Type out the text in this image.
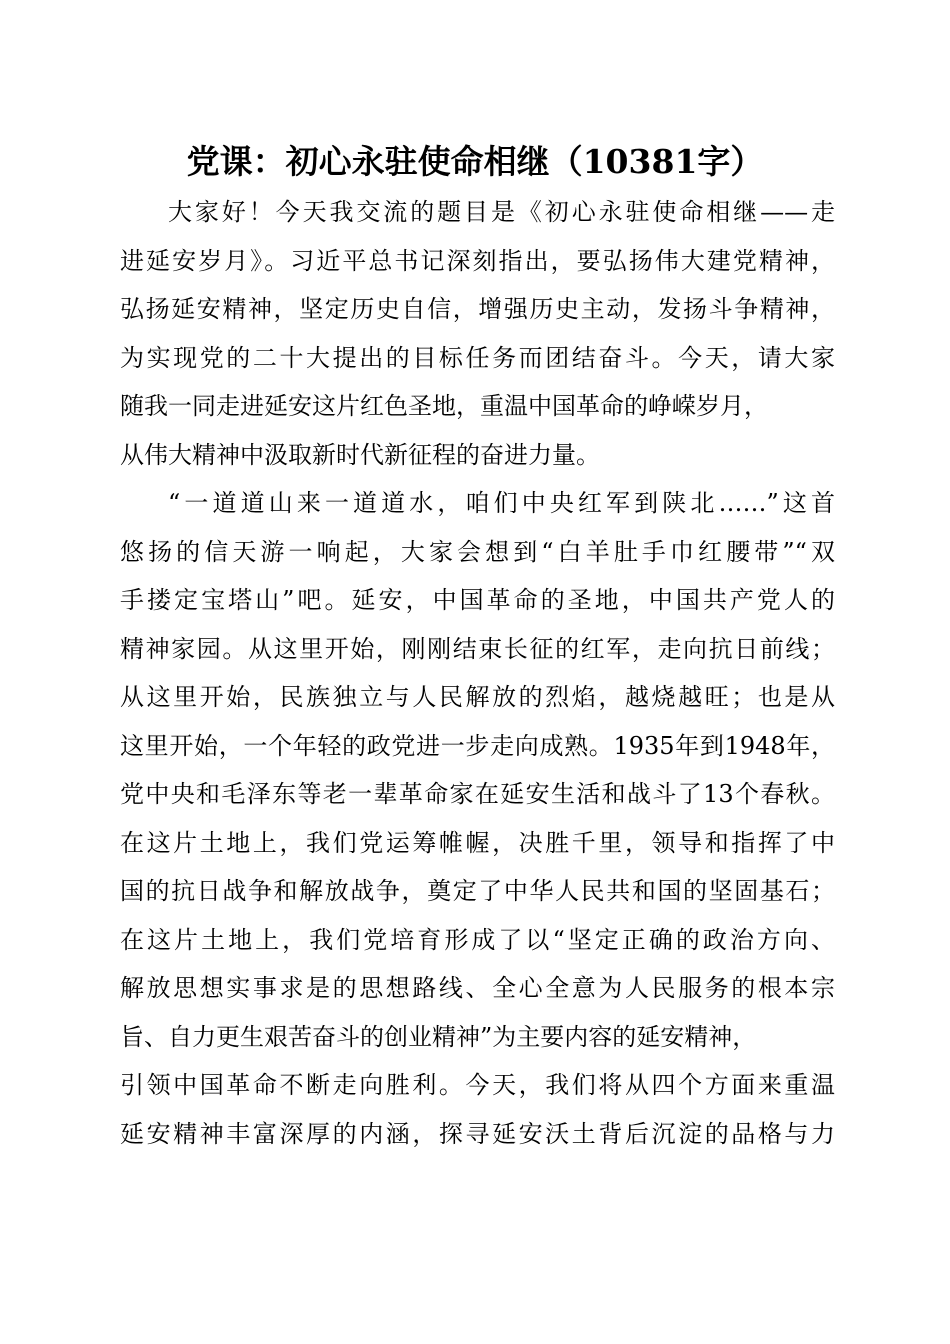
党课：初心永驻使命相继（10381字）
大家好！今天我交流的题目是《初心永驻使命相继——走
进延安岁月》。习近平总书记深刻指出，要弘扬伟大建党精神，
弘扬延安精神，坚定历史自信，增强历史主动，发扬斗争精神，
为实现党的二十大提出的目标任务而团结奋斗。今天，请大家
随我一同走进延安这片红色圣地，重温中国革命的峥嵘岁月，
从伟大精神中汲取新时代新征程的奋进力量。
“一道道山来一道道水，咱们中央红军到陕北……”这首
悠扬的信天游一响起，大家会想到“白羊肚手巾红腰带”“双
手搂定宝塔山”吧。延安，中国革命的圣地，中国共产党人的
精神家园。从这里开始，刚刚结束长征的红军，走向抗日前线；
从这里开始，民族独立与人民解放的烈焰，越烧越旺；也是从
这里开始，一个年轻的政党进一步走向成熟。1935年到1948年，
党中央和毛泽东等老一辈革命家在延安生活和战斗了13个春秋。
在这片土地上，我们党运筹帷幄，决胜千里，领导和指挥了中
国的抗日战争和解放战争，奠定了中华人民共和国的坚固基石；
在这片土地上，我们党培育形成了以“坚定正确的政治方向、
解放思想实事求是的思想路线、全心全意为人民服务的根本宗
旨、自力更生艰苦奋斗的创业精神”为主要内容的延安精神，
引领中国革命不断走向胜利。今天，我们将从四个方面来重温
延安精神丰富深厚的内涵，探寻延安沃土背后沉淀的品格与力
